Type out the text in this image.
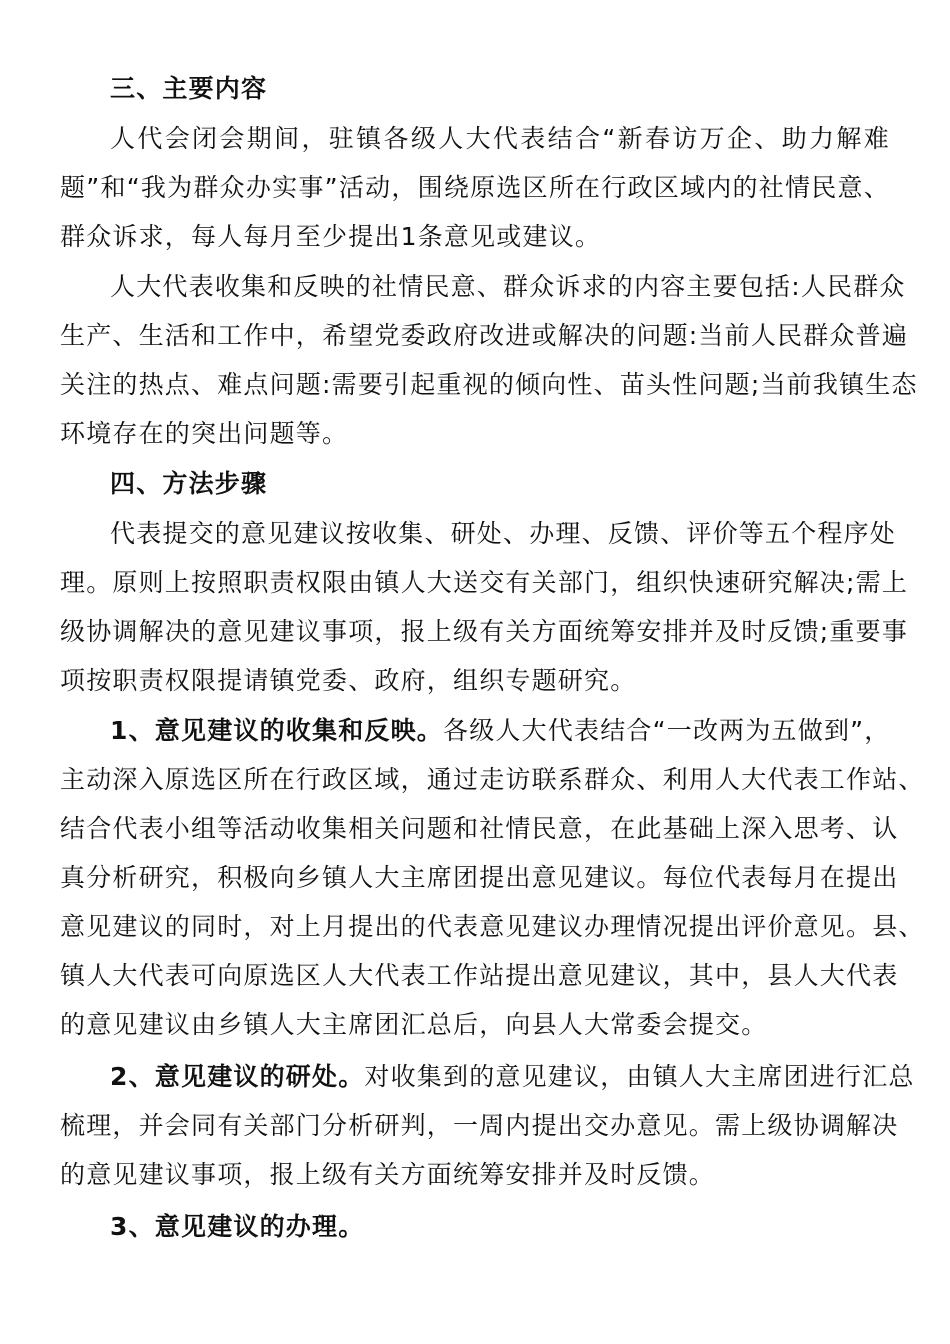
三、主要内容
人代会闭会期间，驻镇各级人大代表结合“新春访万企、助力解难
题”和“我为群众办实事”活动，围绕原选区所在行政区域内的社情民意、
群众诉求，每人每月至少提出1条意见或建议。
人大代表收集和反映的社情民意、群众诉求的内容主要包括:人民群众
生产、生活和工作中，希望党委政府改进或解决的问题:当前人民群众普遍
关注的热点、难点问题:需要引起重视的倾向性、苗头性问题;当前我镇生态
环境存在的突出问题等。
四、方法步骤
代表提交的意见建议按收集、研处、办理、反馈、评价等五个程序处
理。原则上按照职责权限由镇人大送交有关部门，组织快速研究解决;需上
级协调解决的意见建议事项，报上级有关方面统筹安排并及时反馈;重要事
项按职责权限提请镇党委、政府，组织专题研究。
1、意见建议的收集和反映。各级人大代表结合“一改两为五做到”，
主动深入原选区所在行政区域，通过走访联系群众、利用人大代表工作站、
结合代表小组等活动收集相关问题和社情民意，在此基础上深入思考、认
真分析研究，积极向乡镇人大主席团提出意见建议。每位代表每月在提出
意见建议的同时，对上月提出的代表意见建议办理情况提出评价意见。县、
镇人大代表可向原选区人大代表工作站提出意见建议，其中，县人大代表
的意见建议由乡镇人大主席团汇总后，向县人大常委会提交。
2、意见建议的研处。对收集到的意见建议，由镇人大主席团进行汇总
梳理，并会同有关部门分析研判，一周内提出交办意见。需上级协调解决
的意见建议事项，报上级有关方面统筹安排并及时反馈。
3、意见建议的办理。
